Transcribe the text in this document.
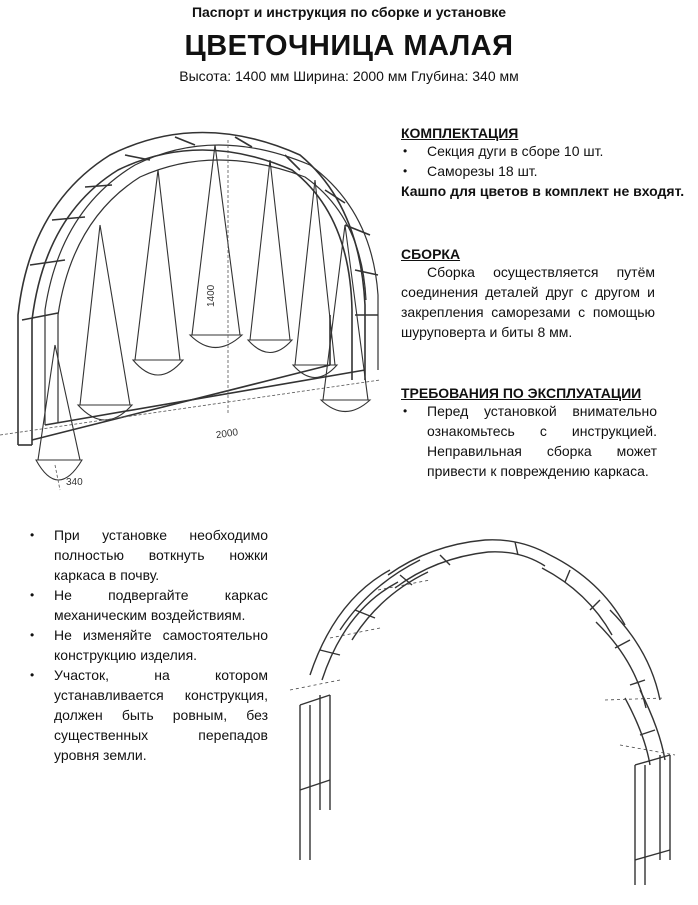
Паспорт и инструкция по сборке и установке
ЦВЕТОЧНИЦА МАЛАЯ
Высота: 1400 мм Ширина: 2000 мм Глубина: 340 мм
1400
2000
340
КОМПЛЕКТАЦИЯ
• Секция дуги в сборе 10 шт.
• Саморезы 18 шт.
Кашпо для цветов в комплект не входят.
СБОРКА
Сборка осуществляется путём соединения деталей друг с другом и закрепления саморезами с помощью шуруповерта и биты 8 мм.
ТРЕБОВАНИЯ ПО ЭКСПЛУАТАЦИИ
• Перед установкой внимательно ознакомьтесь с инструкцией. Неправильная сборка может привести к повреждению каркаса.
• При установке необходимо полностью воткнуть ножки каркаса в почву.
• Не подвергайте каркас механическим воздействиям.
• Не изменяйте самостоятельно конструкцию изделия.
• Участок, на котором устанавливается конструкция, должен быть ровным, без существенных перепадов уровня земли.
